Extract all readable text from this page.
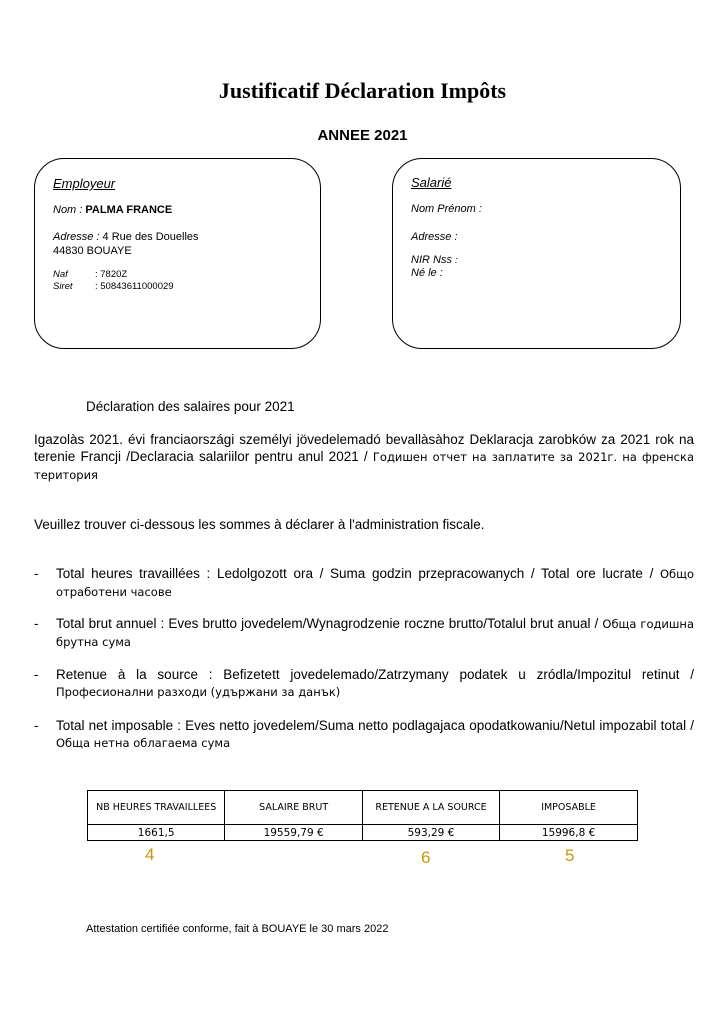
Justificatif Déclaration Impôts
ANNEE 2021
Employeur
Nom : PALMA FRANCE
Adresse : 4 Rue des Douelles
44830 BOUAYE
Naf	: 7820Z
Siret : 50843611000029
Salarié
Nom Prénom :
Adresse :
NIR Nss :
Né le :
Déclaration des salaires pour 2021
Igazolàs 2021. évi franciaországi személyi jövedelemadó bevallàsàhoz Deklaracja zarobków za 2021 rok na terenie Francji /Declaracia salariilor pentru anul 2021 / Годишен отчет на заплатите за 2021г. на френска територия
Veuillez trouver ci-dessous les sommes à déclarer à l'administration fiscale.
- Total heures travaillées : Ledolgozott ora / Suma godzin przepracowanych / Total ore lucrate / Общо отработени часове
- Total brut annuel : Eves brutto jovedelem/Wynagrodzenie roczne brutto/Totalul brut anual / Обща годишна брутна сума
- Retenue à la source : Befizetett jovedelemado/Zatrzymany podatek u zródla/Impozitul retinut / Професионални разходи (удържани за данък)
- Total net imposable : Eves netto jovedelem/Suma netto podlagajaca opodatkowaniu/Netul impozabil total / Обща нетна облагаема сума
NB HEURES TRAVAILLEES	SALAIRE BRUT	RETENUE A LA SOURCE	IMPOSABLE
1661,5	19559,79 €	593,29 €	15996,8 €
4	6	5
Attestation certifiée conforme, fait à BOUAYE le 30 mars 2022
